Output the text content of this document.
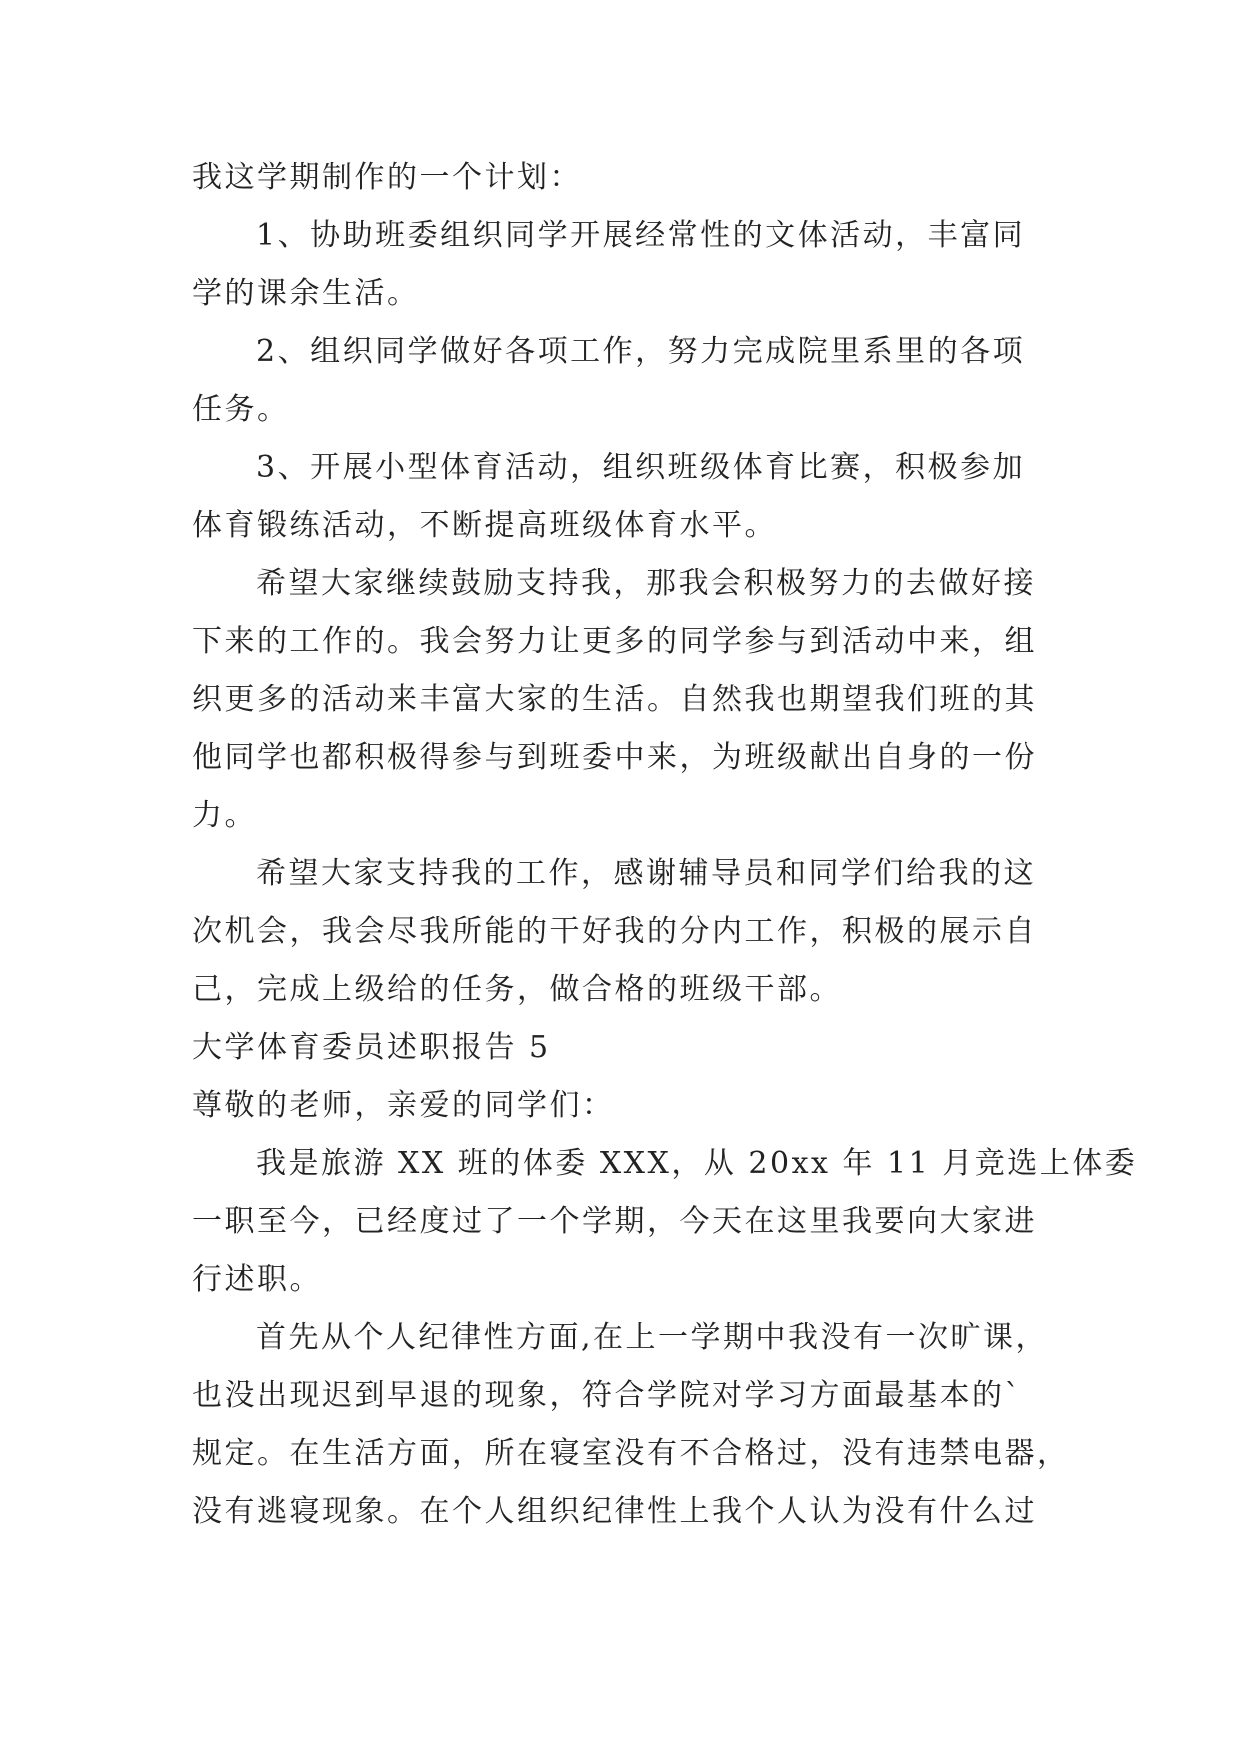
我这学期制作的一个计划：
1、协助班委组织同学开展经常性的文体活动，丰富同
学的课余生活。
2、组织同学做好各项工作，努力完成院里系里的各项
任务。
3、开展小型体育活动，组织班级体育比赛，积极参加
体育锻练活动，不断提高班级体育水平。
希望大家继续鼓励支持我，那我会积极努力的去做好接
下来的工作的。我会努力让更多的同学参与到活动中来，组
织更多的活动来丰富大家的生活。自然我也期望我们班的其
他同学也都积极得参与到班委中来，为班级献出自身的一份
力。
希望大家支持我的工作，感谢辅导员和同学们给我的这
次机会，我会尽我所能的干好我的分内工作，积极的展示自
己，完成上级给的任务，做合格的班级干部。
大学体育委员述职报告 5
尊敬的老师，亲爱的同学们：
我是旅游 XX 班的体委 XXX，从 20xx 年 11 月竞选上体委
一职至今，已经度过了一个学期，今天在这里我要向大家进
行述职。
首先从个人纪律性方面,在上一学期中我没有一次旷课，
也没出现迟到早退的现象，符合学院对学习方面最基本的`
规定。在生活方面，所在寝室没有不合格过，没有违禁电器，
没有逃寝现象。在个人组织纪律性上我个人认为没有什么过
